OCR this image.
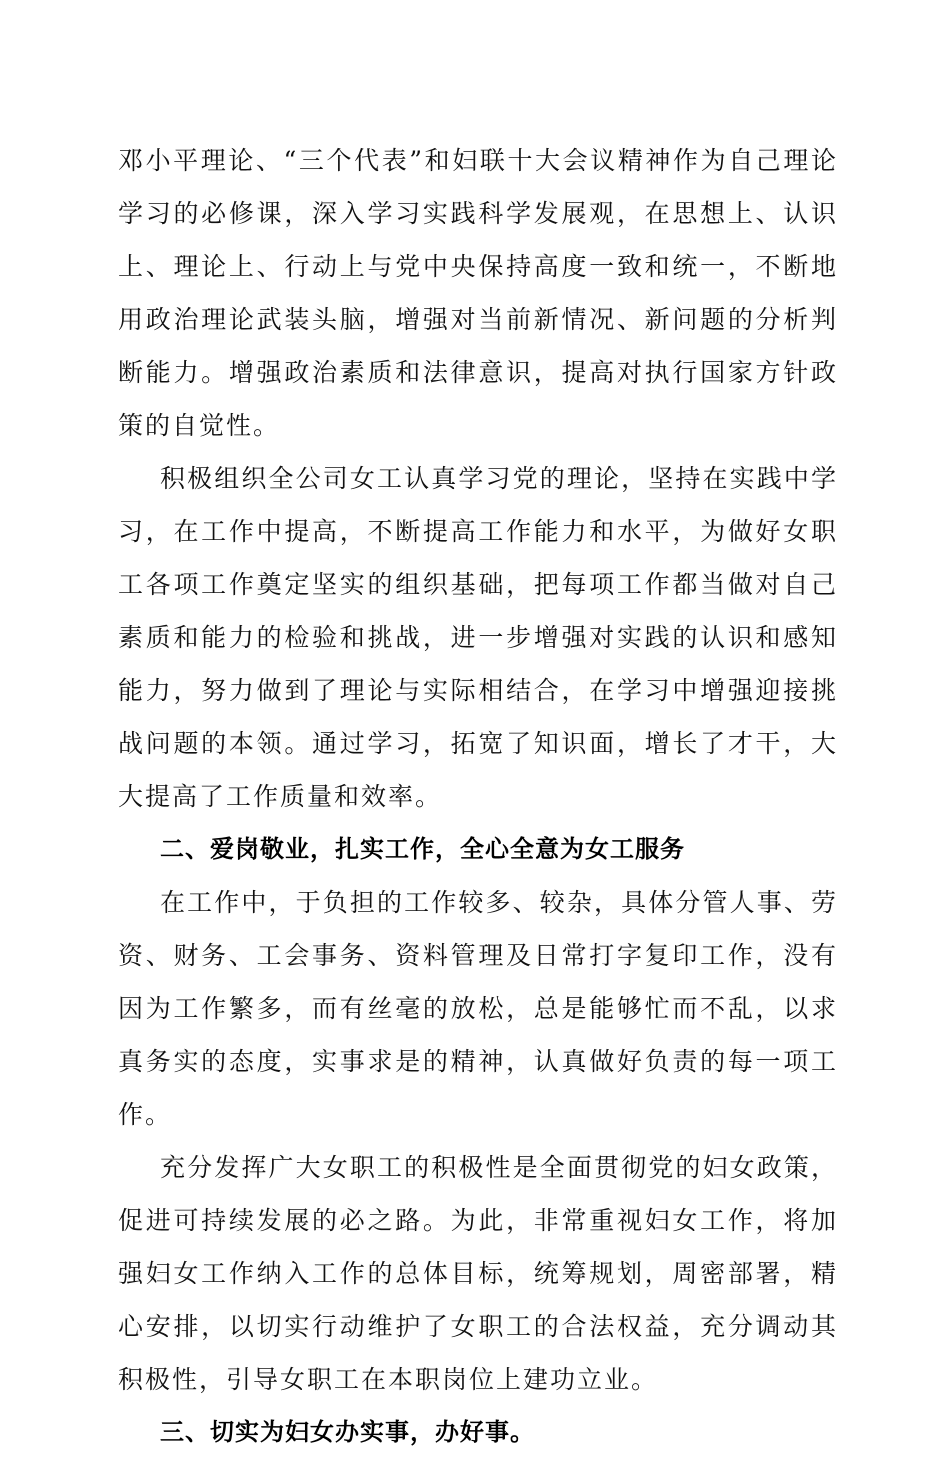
邓小平理论、“三个代表”和妇联十大会议精神作为自己理论学习的必修课，深入学习实践科学发展观，在思想上、认识上、理论上、行动上与党中央保持高度一致和统一，不断地用政治理论武装头脑，增强对当前新情况、新问题的分析判断能力。增强政治素质和法律意识，提高对执行国家方针政策的自觉性。

积极组织全公司女工认真学习党的理论，坚持在实践中学习，在工作中提高，不断提高工作能力和水平，为做好女职工各项工作奠定坚实的组织基础，把每项工作都当做对自己素质和能力的检验和挑战，进一步增强对实践的认识和感知能力，努力做到了理论与实际相结合，在学习中增强迎接挑战问题的本领。通过学习，拓宽了知识面，增长了才干，大大提高了工作质量和效率。

二、爱岗敬业，扎实工作，全心全意为女工服务

在工作中，于负担的工作较多、较杂，具体分管人事、劳资、财务、工会事务、资料管理及日常打字复印工作，没有因为工作繁多，而有丝毫的放松，总是能够忙而不乱，以求真务实的态度，实事求是的精神，认真做好负责的每一项工作。

充分发挥广大女职工的积极性是全面贯彻党的妇女政策，促进可持续发展的必之路。为此，非常重视妇女工作，将加强妇女工作纳入工作的总体目标，统筹规划，周密部署，精心安排，以切实行动维护了女职工的合法权益，充分调动其积极性，引导女职工在本职岗位上建功立业。

三、切实为妇女办实事，办好事。
